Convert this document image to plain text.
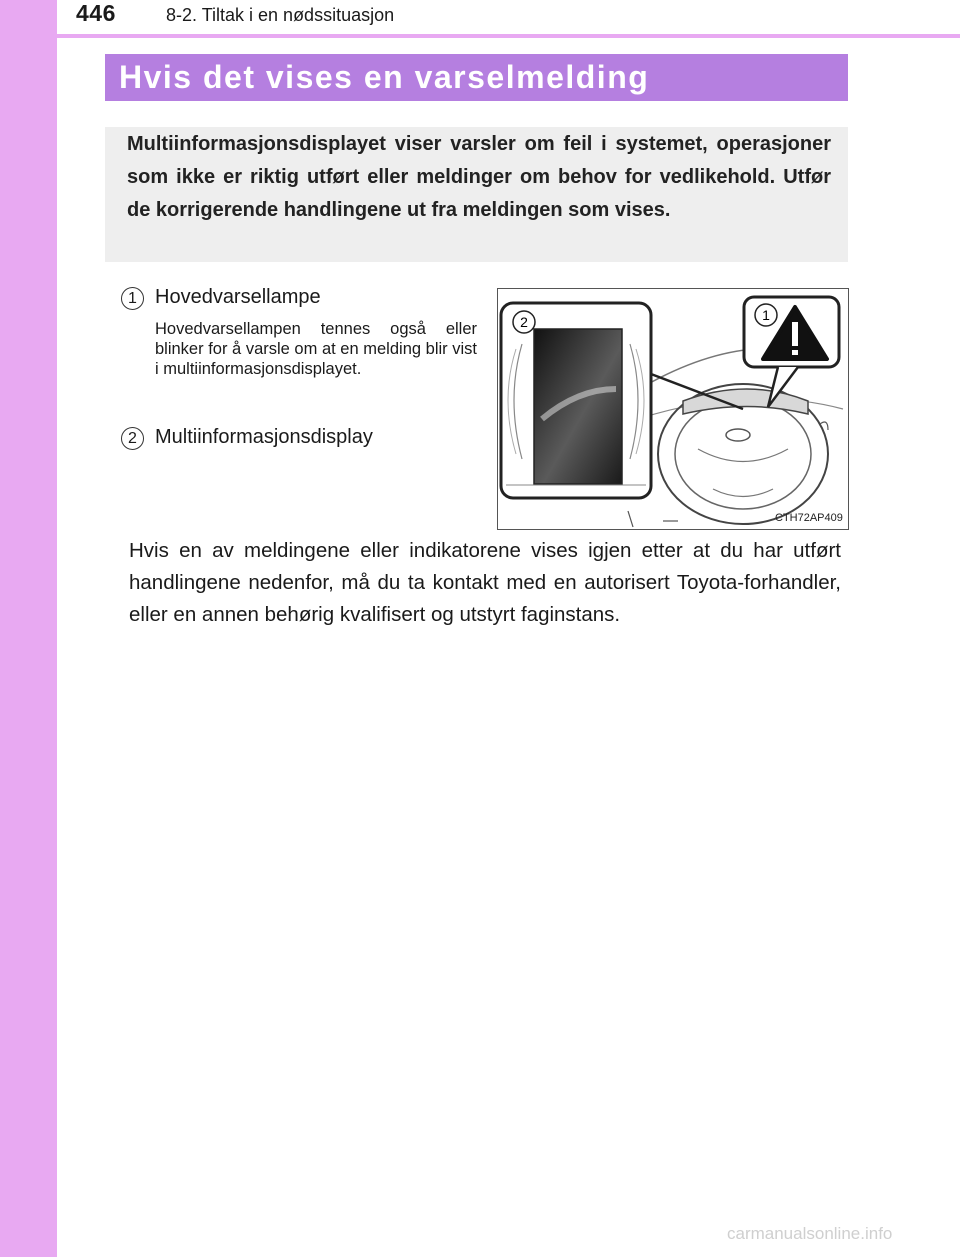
446	8-2. Tiltak i en nødssituasjon
Hvis det vises en varselmelding
Multiinformasjonsdisplayet viser varsler om feil i systemet, operasjoner som ikke er riktig utført eller meldinger om behov for vedlikehold. Utfør de korrigerende handlingene ut fra meldingen som vises.
1 Hovedvarsellampe
Hovedvarsellampen tennes også eller blinker for å varsle om at en melding blir vist i multiinformasjonsdisplayet.
2 Multiinformasjonsdisplay
2	1
CTH72AP409
Hvis en av meldingene eller indikatorene vises igjen etter at du har utført handlingene nedenfor, må du ta kontakt med en autorisert Toyota-forhandler, eller en annen behørig kvalifisert og utstyrt faginstans.
carmanualsonline.info
